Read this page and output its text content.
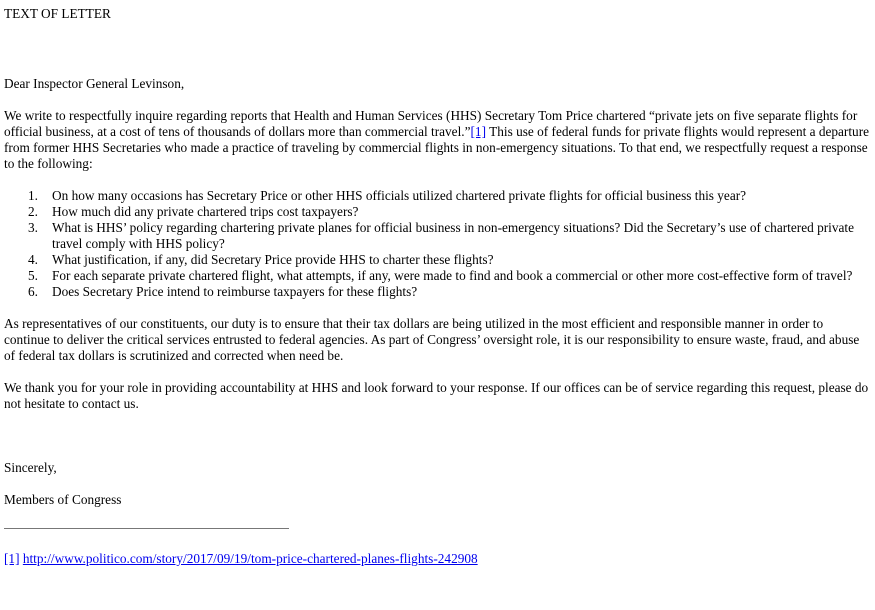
TEXT OF LETTER

Dear Inspector General Levinson,

We write to respectfully inquire regarding reports that Health and Human Services (HHS) Secretary Tom Price chartered “private jets on five separate flights for official business, at a cost of tens of thousands of dollars more than commercial travel.”[1] This use of federal funds for private flights would represent a departure from former HHS Secretaries who made a practice of traveling by commercial flights in non-emergency situations. To that end, we respectfully request a response to the following:

1. On how many occasions has Secretary Price or other HHS officials utilized chartered private flights for official business this year?
2. How much did any private chartered trips cost taxpayers?
3. What is HHS’ policy regarding chartering private planes for official business in non-emergency situations? Did the Secretary’s use of chartered private travel comply with HHS policy?
4. What justification, if any, did Secretary Price provide HHS to charter these flights?
5. For each separate private chartered flight, what attempts, if any, were made to find and book a commercial or other more cost-effective form of travel?
6. Does Secretary Price intend to reimburse taxpayers for these flights?

As representatives of our constituents, our duty is to ensure that their tax dollars are being utilized in the most efficient and responsible manner in order to continue to deliver the critical services entrusted to federal agencies. As part of Congress’ oversight role, it is our responsibility to ensure waste, fraud, and abuse of federal tax dollars is scrutinized and corrected when need be.

We thank you for your role in providing accountability at HHS and look forward to your response. If our offices can be of service regarding this request, please do not hesitate to contact us.

Sincerely,

Members of Congress

[1] http://www.politico.com/story/2017/09/19/tom-price-chartered-planes-flights-242908
